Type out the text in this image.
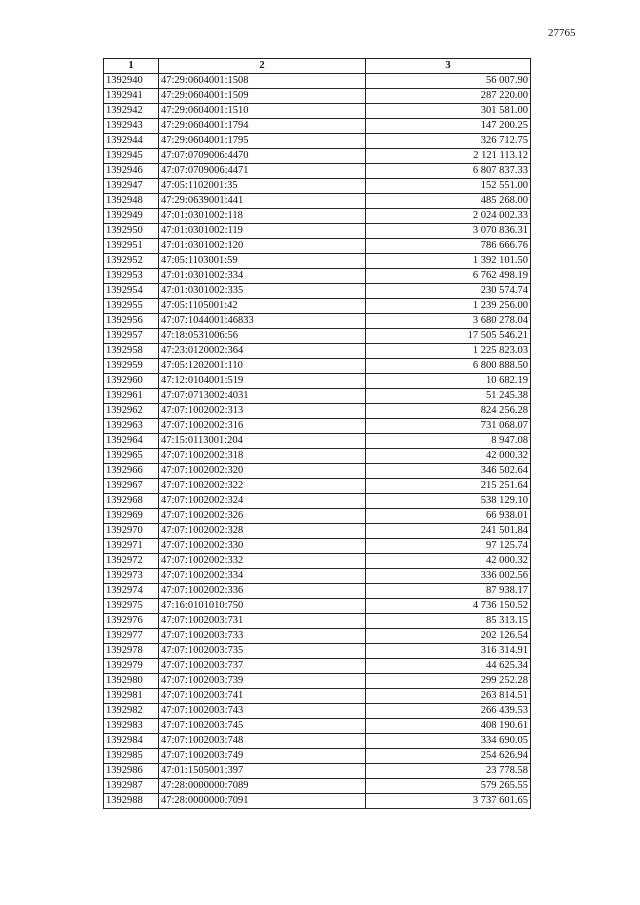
27765
1	2	3
1392940	47:29:0604001:1508	56 007.90
1392941	47:29:0604001:1509	287 220.00
1392942	47:29:0604001:1510	301 581.00
1392943	47:29:0604001:1794	147 200.25
1392944	47:29:0604001:1795	326 712.75
1392945	47:07:0709006:4470	2 121 113.12
1392946	47:07:0709006:4471	6 807 837.33
1392947	47:05:1102001:35	152 551.00
1392948	47:29:0639001:441	485 268.00
1392949	47:01:0301002:118	2 024 002.33
1392950	47:01:0301002:119	3 070 836.31
1392951	47:01:0301002:120	786 666.76
1392952	47:05:1103001:59	1 392 101.50
1392953	47:01:0301002:334	6 762 498.19
1392954	47:01:0301002:335	230 574.74
1392955	47:05:1105001:42	1 239 256.00
1392956	47:07:1044001:46833	3 680 278.04
1392957	47:18:0531006:56	17 505 546.21
1392958	47:23:0120002:364	1 225 823.03
1392959	47:05:1202001:110	6 800 888.50
1392960	47:12:0104001:519	10 682.19
1392961	47:07:0713002:4031	51 245.38
1392962	47:07:1002002:313	824 256.28
1392963	47:07:1002002:316	731 068.07
1392964	47:15:0113001:204	8 947.08
1392965	47:07:1002002:318	42 000.32
1392966	47:07:1002002:320	346 502.64
1392967	47:07:1002002:322	215 251.64
1392968	47:07:1002002:324	538 129.10
1392969	47:07:1002002:326	66 938.01
1392970	47:07:1002002:328	241 501.84
1392971	47:07:1002002:330	97 125.74
1392972	47:07:1002002:332	42 000.32
1392973	47:07:1002002:334	336 002.56
1392974	47:07:1002002:336	87 938.17
1392975	47:16:0101010:750	4 736 150.52
1392976	47:07:1002003:731	85 313.15
1392977	47:07:1002003:733	202 126.54
1392978	47:07:1002003:735	316 314.91
1392979	47:07:1002003:737	44 625.34
1392980	47:07:1002003:739	299 252.28
1392981	47:07:1002003:741	263 814.51
1392982	47:07:1002003:743	266 439.53
1392983	47:07:1002003:745	408 190.61
1392984	47:07:1002003:748	334 690.05
1392985	47:07:1002003:749	254 626.94
1392986	47:01:1505001:397	23 778.58
1392987	47:28:0000000:7089	579 265.55
1392988	47:28:0000000:7091	3 737 601.65
